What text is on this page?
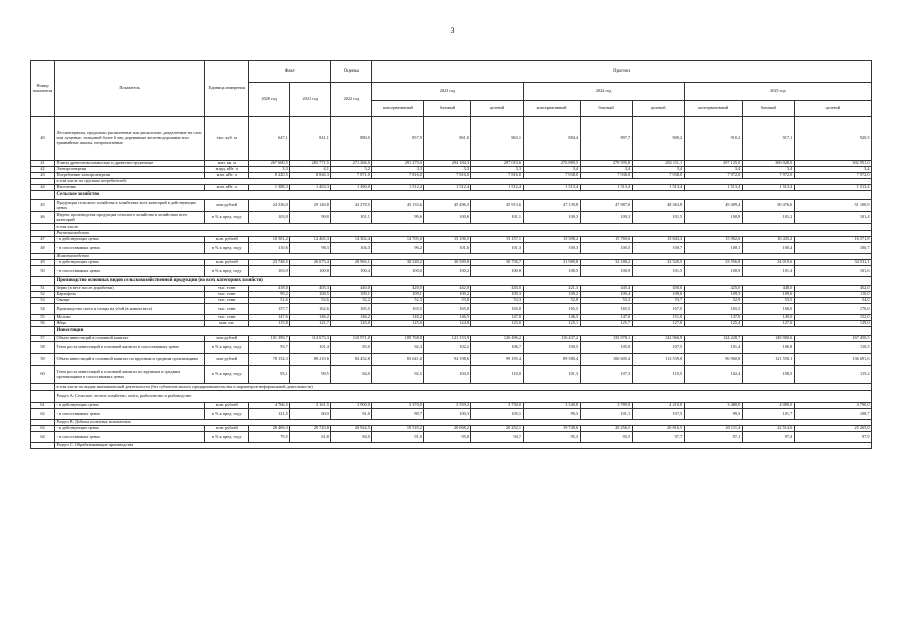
3
Номер показателя	Показатель	Единица измерения	Факт		Оценка	Прогноз								
			2020 год	2021 год	2022 год	2023 год			2024 год			2025 год		
						консервативный	базовый	целевой	консервативный	базовый	целевой	консервативный	базовый	целевой
40	Лесоматериалы, продольно распиленные или расколотые, разделенные на слои или лущеные, толщиной более 6 мм; деревянные железнодорожные или трамвайные шпалы, непропитанные	тыс. куб. м	647,1	841,1	880,0	857,9	861,0	863,1	884,4	897,7	900,2	910,2	917,1	920,5
41	Плиты древесноволокнистые и древесностружечные	млн. кв. м	267 600,5	285 771,5	271 266,0	291 279,0	294 184,3	297 010,6	276 889,5	279 595,8	282 111,1	297 125,0	300 028,0	302 951,0
42	Электроэнергия	млрд. кВт. ч	3,3	4,1	3,2	3,3	3,3	3,3	3,4	3,4	3,4	3,4	3,4	3,4
43	Потребление электроэнергии	млн. кВт. ч	8 220,5	8 846,3	7 871,0	7 816,0	7 816,0	7 816,0	7 938,0	7 938,0	7 938,0	7 972,0	7 972,0	7 972,0
	в том числе по группам потребителей:													
44	Население	млн. кВт. ч	1 388,3	1 463,3	1 490,0	1 512,4	1 512,4	1 512,4	1 513,4	1 513,4	1 513,4	1 513,4	1 513,4	1 513,4
	Сельское хозяйство													
45	Продукция сельского хозяйства в хозяйствах всех категорий в действующих ценах	млн рублей	24 336,0	29 140,8	43 278,5	45 133,6	45 496,3	45 913,6	47 139,8	47 987,0	48 363,8	49 499,4	50 476,6	51 100,9
46	Индекс производства продукции сельского хозяйства в хозяйствах всех категорий	в % к пред. году	103,8	99,8	101,1	99,6	100,6	101,1	100,3	100,3	101,5	100,8	101,2	101,4
	в том числе:													
	Растениеводство													
47	- в действующих ценах	млн. рублей	10 501,2	12 465,3	14 302,4	14 705,0	15 106,5	15 157,1	15 398,2	15 769,6	15 843,3	15 902,6	16 435,2	16 571,8
48	- в сопоставимых ценах	в % к пред. году	110,6	98,3	104,3	96,2	101,6	101,3	100,3	100,5	100,7	100,1	100,4	100,7
	Животноводство													
49	- в действующих ценах	млн. рублей	23 748,5	26 675,4	28 965,1	30 528,2	30 589,8	30 756,7	31 989,8	32 188,2	32 520,5	33 556,8	34 019,6	34 531,1
50	- в сопоставимых ценах	в % к пред. году	103,9	100,8	100,4	100,0	100,2	100,8	100,5	100,9	101,5	100,9	101,4	101,6
	Производство основных видов сельскохозяйственной продукции (во всех категориях хозяйств)													
51	Зерно (в весе после доработки)	тыс. тонн	418,0	405,3	440,0	420,0	442,0	445,0	421,3	445,4	450,0	425,0	448,0	452,0
52	Картофель	тыс. тонн	99,2	108,5	109,1	109,1	109,2	109,3	109,2	109,4	109,6	109,3	109,6	110,0
53	Овощи	тыс. тонн	51,6	52,6	52,2	52,3	53,0	53,3	52,8	53,3	53,7	52,9	53,5	54,0
54	Производство скота и птицы на убой (в живом весе)	тыс. тонн	157,7	162,6	165,5	165,5	165,8	165,0	165,5	165,5	167,0	165,5	168,0	170,0
55	Молоко	тыс. тонн	147,6	146,2	146,2	146,2	146,5	147,0	146,5	147,0	151,0	147,0	149,0	152,0
56	Яйца	млн. шт.	115,8	121,7	125,0	125,0	124,8	125,0	125,1	125,7	127,0	125,4	127,0	129,0
	Инвестиции													
57	Объем инвестиций в основной капитал	млн рублей	101 399,7	114 673,3	110 971,0	109 768,8	121 153,9	126 496,2	116 437,2	135 978,1	142 966,9	124 228,7	149 900,6	167 450,5
58	Темп роста инвестиций в основной капитал в сопоставимых ценах	в % к пред. году	93,7	101,4	85,0	92,4	102,2	106,7	100,5	105,0	107,5	101,4	106,8	110,5
59	Объем инвестиций в основной капитал по крупным и средним организациям	млн рублей	78 154,3	88 210,6	84 452,8	83 641,0	94 198,6	99 195,4	89 580,4	106 605,4	113 539,0	96 960,8	121 558,1	136 691,6
60	Темп роста инвестиций в основной капитал по крупным и средним организациям в сопоставимых ценах	в % к пред. году	95,1	99,5	84,0	92,5	104,5	110,0	101,3	107,3	110,5	102,4	108,5	115,2
	в том числе по видам экономической деятельности (без субъектов малого предпринимательства и параметров неформальной деятельности)													
	Раздел А: Сельское, лесное хозяйство, охота, рыболовство и рыбоводство													
61	- в действующих ценах	млн. рублей	4 766,5	3 161,5	3 900,0	3 370,0	3 559,2	3 730,0	3 340,8	3 789,0	4 210,0	3 480,0	4 080,0	4 790,0
62	- в сопоставимых ценах	в % к пред. году	121,5	60,0	91,0	88,7	100,3	105,1	99,3	101,1	107,5	99,5	101,7	108,7
	Раздел В: Добыча полезных ископаемых													
63	- в действующих ценах	млн. рублей	26 469,3	20 743,8	20 924,5	19 518,2	20 068,2	20 252,1	19 749,6	20 256,5	20 816,5	20 111,4	22 514,0	25 265,0
64	- в сопоставимых ценах	в % к пред. году	79,5	61,8	84,0	91,0	95,8	94,7	95,3	95,5	97,7	97,1	97,4	97,9
	Раздел С: Обрабатывающие производства													
